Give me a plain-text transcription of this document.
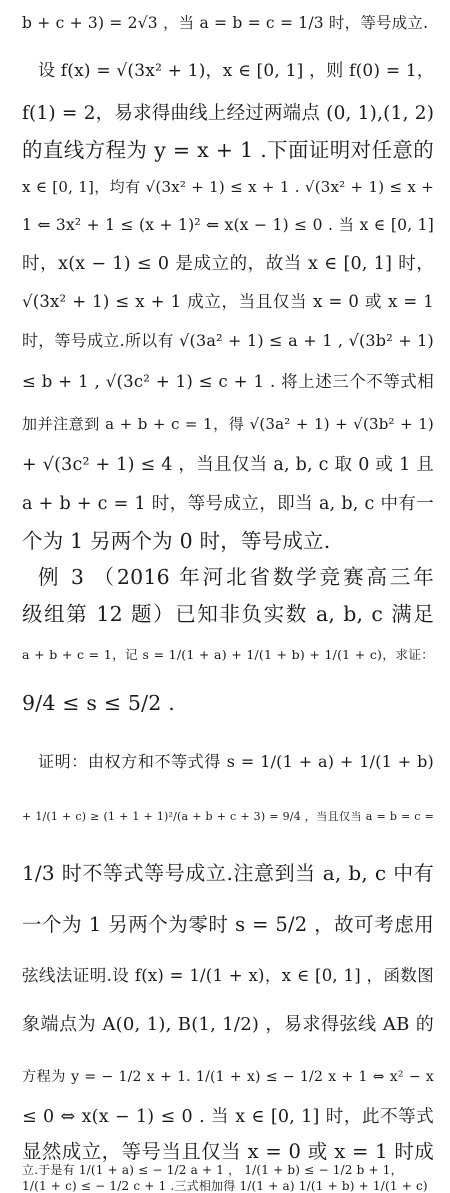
b + c + 3) = 2√3 ，当 a = b = c = 1/3 时，等号成立.
设 f(x) = √(3x² + 1)，x ∈ [0, 1] ，则 f(0) = 1，
f(1) = 2，易求得曲线上经过两端点 (0, 1),(1, 2)
的直线方程为 y = x + 1 .下面证明对任意的
x ∈ [0, 1]，均有 √(3x² + 1) ≤ x + 1 . √(3x² + 1) ≤ x +
1 ⇐ 3x² + 1 ≤ (x + 1)² ⇐ x(x − 1) ≤ 0 . 当 x ∈ [0, 1]
时，x(x − 1) ≤ 0 是成立的，故当 x ∈ [0, 1] 时，
√(3x² + 1) ≤ x + 1 成立，当且仅当 x = 0 或 x = 1
时，等号成立.所以有 √(3a² + 1) ≤ a + 1 , √(3b² + 1)
≤ b + 1 , √(3c² + 1) ≤ c + 1 . 将上述三个不等式相
加并注意到 a + b + c = 1，得 √(3a² + 1) + √(3b² + 1)
+ √(3c² + 1) ≤ 4 ，当且仅当 a, b, c 取 0 或 1 且
a + b + c = 1 时，等号成立，即当 a, b, c 中有一
个为 1 另两个为 0 时，等号成立.
例 3 （2016 年河北省数学竞赛高三年
级组第 12 题）已知非负实数 a, b, c 满足
a + b + c = 1，记 s = 1/(1 + a) + 1/(1 + b) + 1/(1 + c)，求证：
9/4 ≤ s ≤ 5/2 .
证明：由权方和不等式得 s = 1/(1 + a) + 1/(1 + b)
+ 1/(1 + c) ≥ (1 + 1 + 1)²/(a + b + c + 3) = 9/4 ，当且仅当 a = b = c =
1/3 时不等式等号成立.注意到当 a, b, c 中有
一个为 1 另两个为零时 s = 5/2 ，故可考虑用
弦线法证明.设 f(x) = 1/(1 + x)，x ∈ [0, 1] ，函数图
象端点为 A(0, 1), B(1, 1/2) ，易求得弦线 AB 的
方程为 y = − 1/2 x + 1. 1/(1 + x) ≤ − 1/2 x + 1 ⇔ x² − x
≤ 0 ⇔ x(x − 1) ≤ 0 . 当 x ∈ [0, 1] 时，此不等式
显然成立，等号当且仅当 x = 0 或 x = 1 时成
立.于是有 1/(1 + a) ≤ − 1/2 a + 1 ， 1/(1 + b) ≤ − 1/2 b + 1，
1/(1 + c) ≤ − 1/2 c + 1 .三式相加得 1/(1 + a) 1/(1 + b) + 1/(1 + c)
